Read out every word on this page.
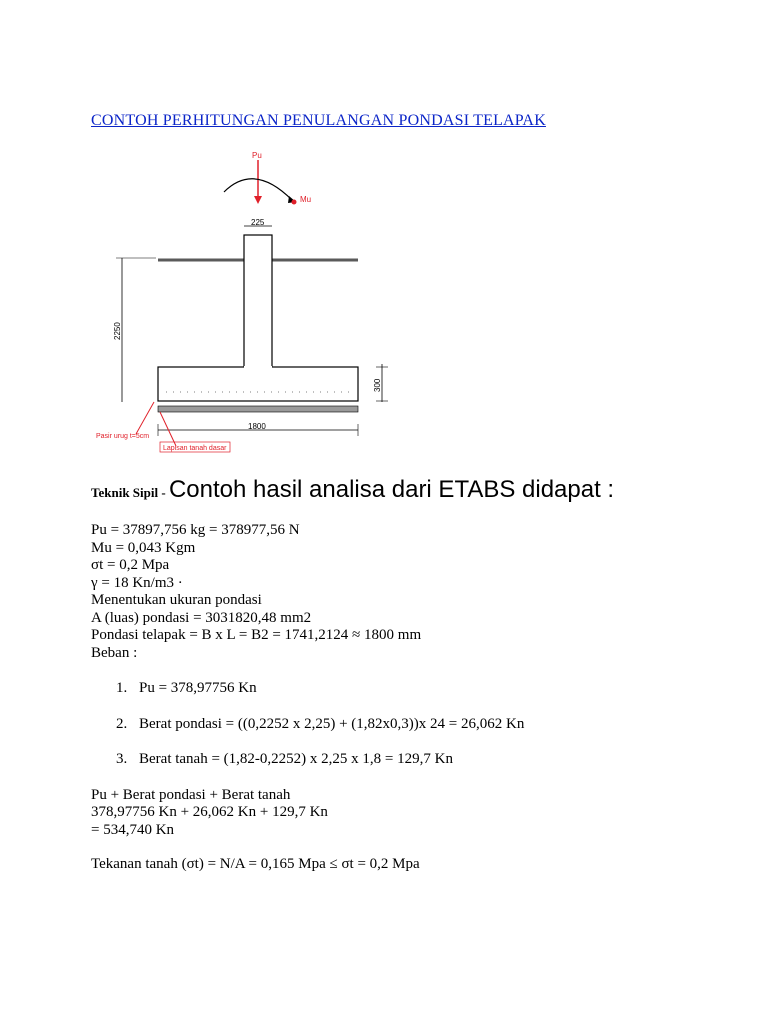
CONTOH PERHITUNGAN PENULANGAN PONDASI TELAPAK
Pu
Mu
225
2250
300
1800
Pasir urug t=5cm
Lapisan tanah dasar
Teknik Sipil - Contoh hasil analisa dari ETABS didapat :
Pu = 37897,756 kg = 378977,56 N
Mu = 0,043 Kgm
σt = 0,2 Mpa
γ = 18 Kn/m3 ·
Menentukan ukuran pondasi
A (luas) pondasi = 3031820,48 mm2
Pondasi telapak = B x L = B2 = 1741,2124 ≈ 1800 mm
Beban :
1. Pu = 378,97756 Kn
2. Berat pondasi = ((0,2252 x 2,25) + (1,82x0,3))x 24 = 26,062 Kn
3. Berat tanah = (1,82-0,2252) x 2,25 x 1,8 = 129,7 Kn
Pu + Berat pondasi + Berat tanah
378,97756 Kn + 26,062 Kn + 129,7 Kn
= 534,740 Kn
Tekanan tanah (σt) = N/A = 0,165 Mpa ≤ σt = 0,2 Mpa
